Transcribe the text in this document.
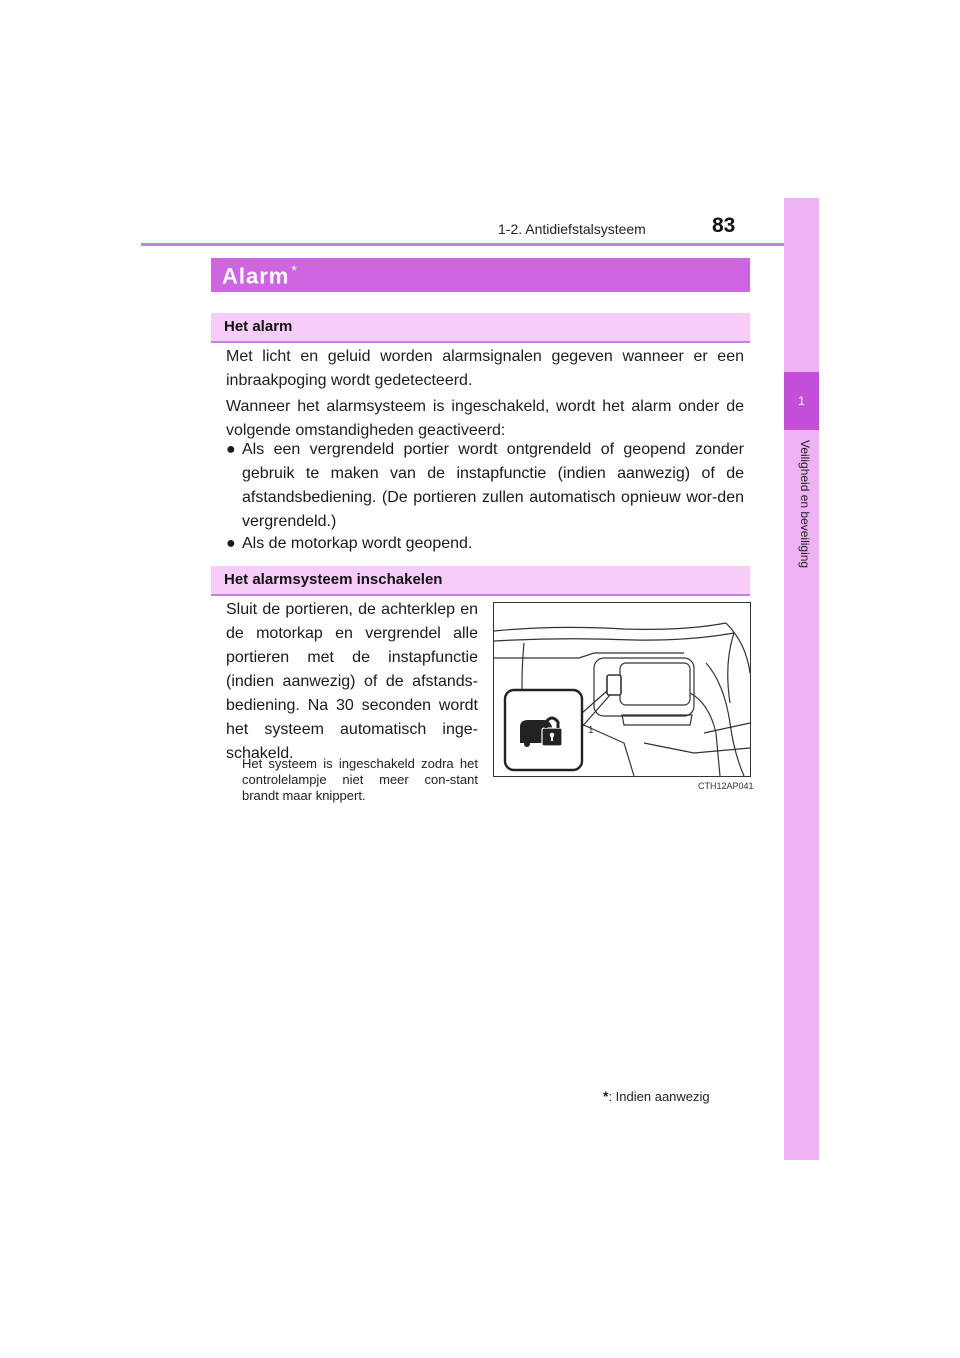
1-2. Antidiefstalsysteem	83
1
Veiligheid en beveiliging
Alarm *
Het alarm
Met licht en geluid worden alarmsignalen gegeven wanneer er een inbraakpoging wordt gedetecteerd.
Wanneer het alarmsysteem is ingeschakeld, wordt het alarm onder de volgende omstandigheden geactiveerd:
● Als een vergrendeld portier wordt ontgrendeld of geopend zonder gebruik te maken van de instapfunctie (indien aanwezig) of de afstandsbediening. (De portieren zullen automatisch opnieuw wor-den vergrendeld.)
● Als de motorkap wordt geopend.
Het alarmsysteem inschakelen
Sluit de portieren, de achterklep en de motorkap en vergrendel alle portieren met de instapfunctie (indien aanwezig) of de afstands-bediening. Na 30 seconden wordt het systeem automatisch inge-schakeld.
Het systeem is ingeschakeld zodra het controlelampje niet meer con-stant brandt maar knippert.
1
CTH12AP041
*: Indien aanwezig
